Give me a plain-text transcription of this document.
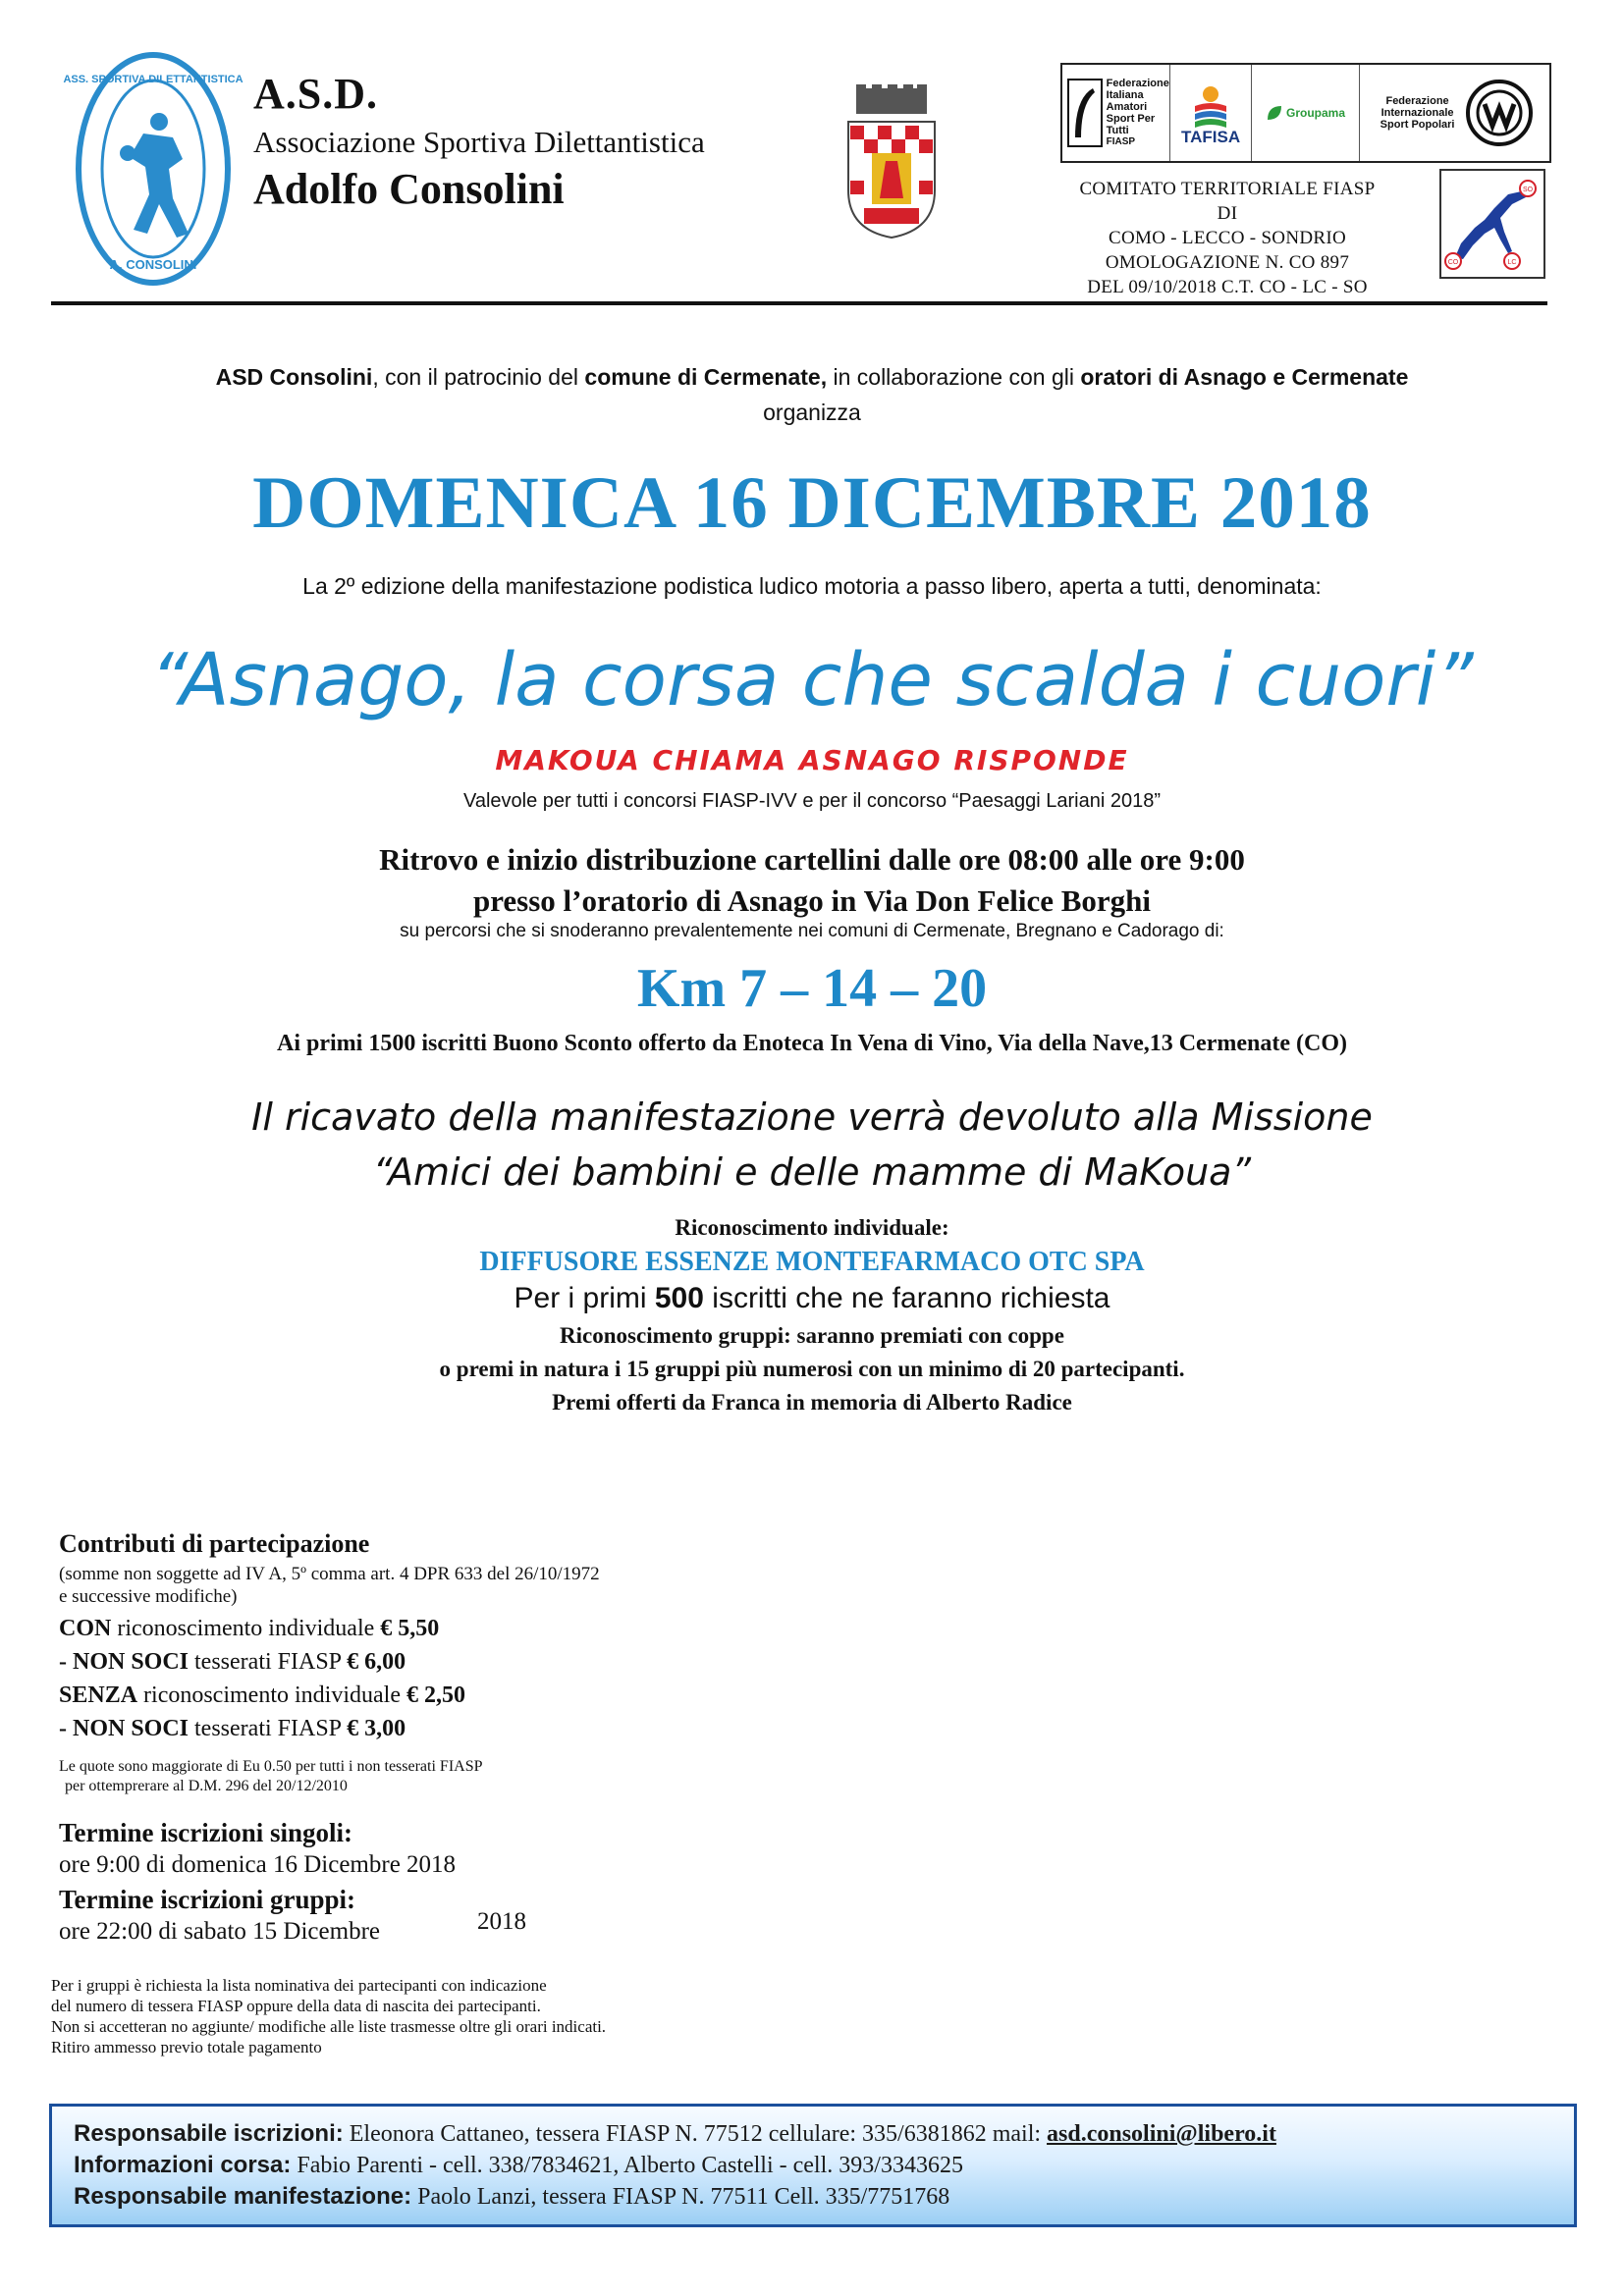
ASS. SPORTIVA DILETTANTISTICA
A. CONSOLINI
A.S.D.
Associazione Sportiva Dilettantistica
Adolfo Consolini
Federazione Italiana Amatori Sport Per Tutti
FIASP	TAFISA
Groupama
Federazione Internazionale Sport Popolari
COMITATO TERRITORIALE FIASP DI
COMO - LECCO - SONDRIO
OMOLOGAZIONE N. CO 897
DEL 09/10/2018 C.T. CO - LC - SO
SO
CO	LC
ASD Consolini, con il patrocinio del comune di Cermenate, in collaborazione con gli oratori di Asnago e Cermenate
organizza
DOMENICA 16 DICEMBRE 2018
La 2º edizione della manifestazione podistica ludico motoria a passo libero, aperta a tutti, denominata:
“Asnago, la corsa che scalda i cuori”
MAKOUA CHIAMA ASNAGO RISPONDE
Valevole per tutti i concorsi FIASP-IVV e per il concorso “Paesaggi Lariani 2018”
Ritrovo e inizio distribuzione cartellini dalle ore 08:00 alle ore 9:00
presso l’oratorio di Asnago in Via Don Felice Borghi
su percorsi che si snoderanno prevalentemente nei comuni di Cermenate, Bregnano e Cadorago di:
Km 7 – 14 – 20
Ai primi 1500 iscritti Buono Sconto offerto da Enoteca In Vena di Vino, Via della Nave,13 Cermenate (CO)
Il ricavato della manifestazione verrà devoluto alla Missione
“Amici dei bambini e delle mamme di MaKoua”
Riconoscimento individuale:
DIFFUSORE ESSENZE MONTEFARMACO OTC SPA
Per i primi 500 iscritti che ne faranno richiesta
Riconoscimento gruppi: saranno premiati con coppe
o premi in natura i 15 gruppi più numerosi con un minimo di 20 partecipanti.
Premi offerti da Franca in memoria di Alberto Radice
Contributi di partecipazione
(somme non soggette ad IV A, 5º comma art. 4 DPR 633 del 26/10/1972
e successive modifiche)
CON riconoscimento individuale € 5,50
- NON SOCI tesserati FIASP € 6,00
SENZA riconoscimento individuale € 2,50
- NON SOCI tesserati FIASP € 3,00
Le quote sono maggiorate di Eu 0.50 per tutti i non tesserati FIASP
per ottemprerare al D.M. 296 del 20/12/2010
Termine iscrizioni singoli:
ore 9:00 di domenica 16 Dicembre 2018
Termine iscrizioni gruppi:
ore 22:00 di sabato 15 Dicembre	2018
Per i gruppi è richiesta la lista nominativa dei partecipanti con indicazione
del numero di tessera FIASP oppure della data di nascita dei partecipanti.
Non si accetteran no aggiunte/ modifiche alle liste trasmesse oltre gli orari indicati.
Ritiro ammesso previo totale pagamento
Responsabile iscrizioni: Eleonora Cattaneo, tessera FIASP N. 77512 cellulare: 335/6381862 mail: asd.consolini@libero.it
Informazioni corsa: Fabio Parenti - cell. 338/7834621, Alberto Castelli - cell. 393/3343625
Responsabile manifestazione: Paolo Lanzi, tessera FIASP N. 77511 Cell. 335/7751768
